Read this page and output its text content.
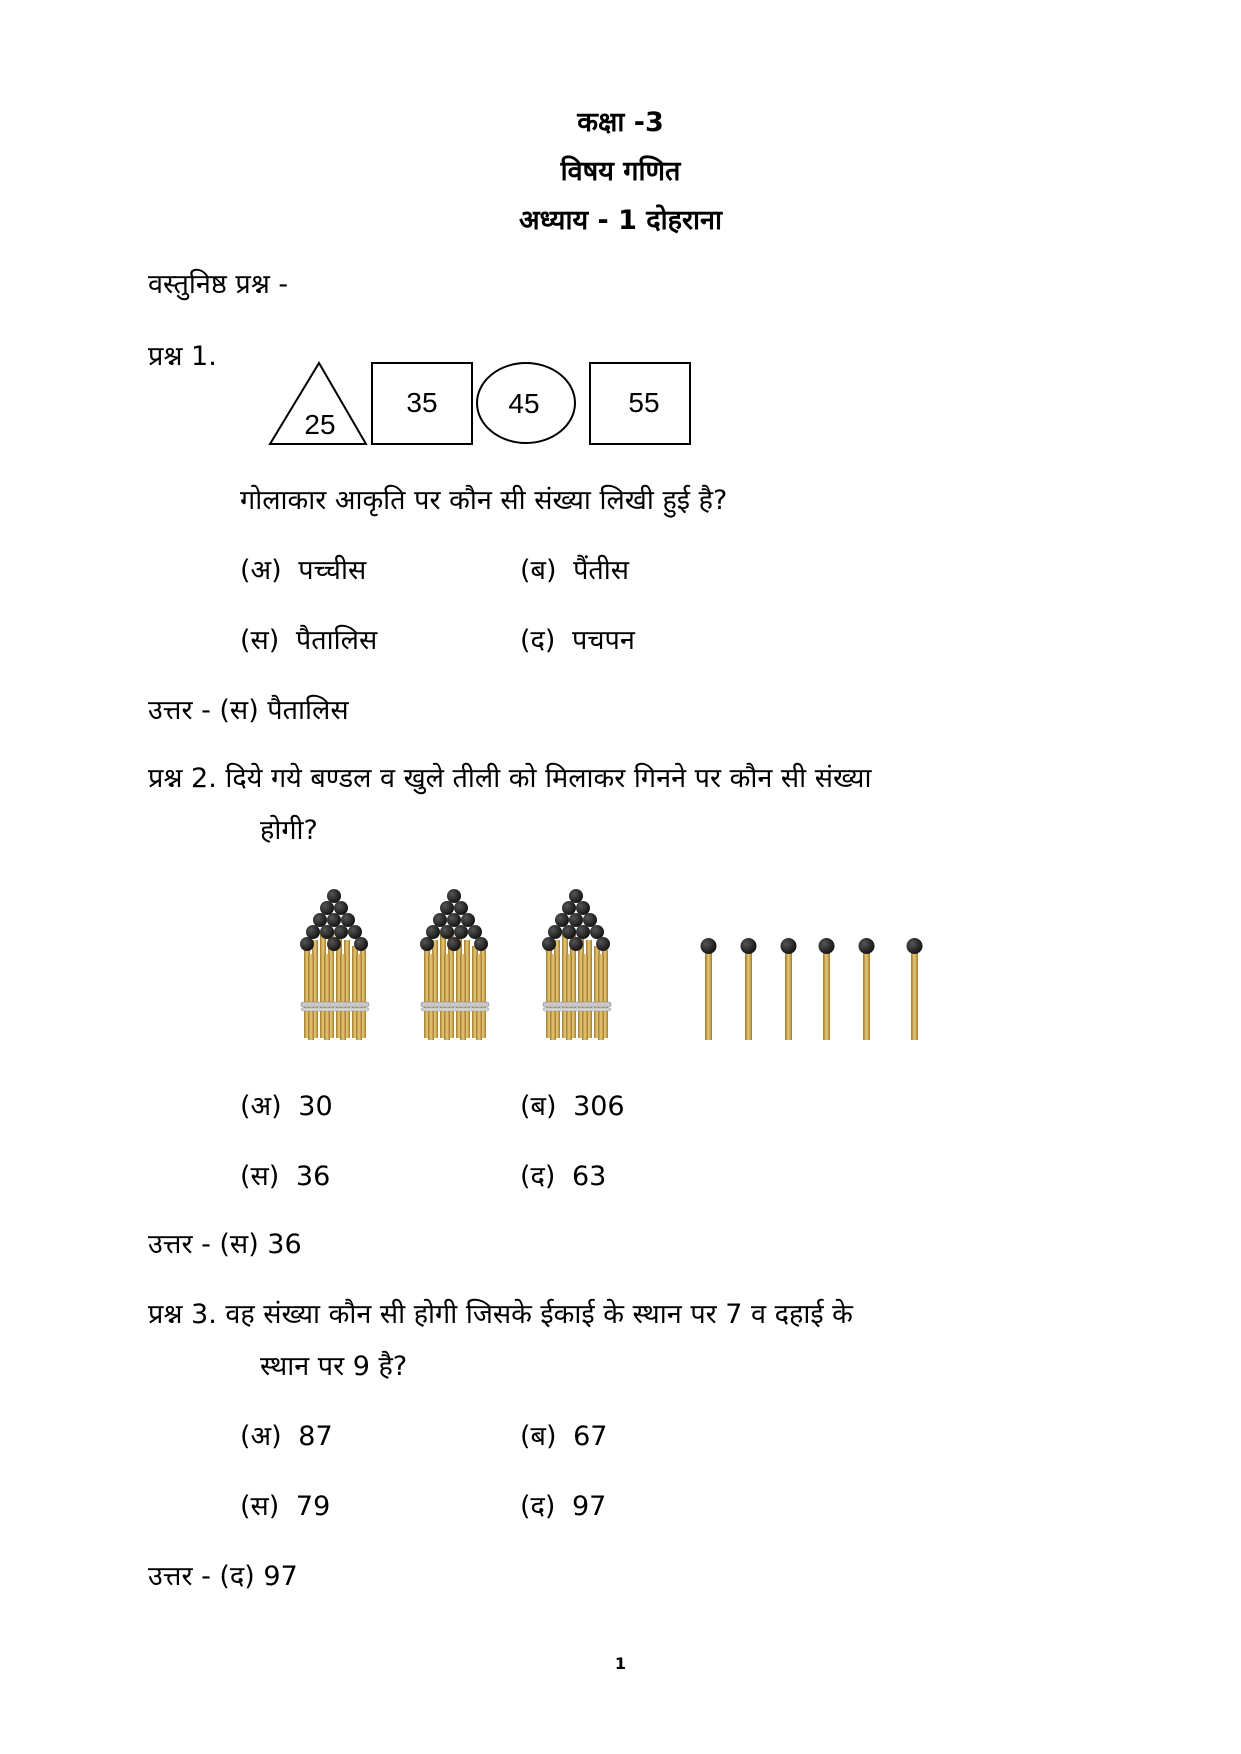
कक्षा -3
विषय गणित
अध्याय - 1 दोहराना
वस्तुनिष्ठ प्रश्न -
प्रश्न 1.
25
35	45	55
गोलाकार आकृति पर कौन सी संख्या लिखी हुई है?
(अ) पच्चीस	(ब) पैंतीस
(स) पैतालिस	(द) पचपन
उत्तर - (स) पैतालिस
प्रश्न 2. दिये गये बण्डल व खुले तीली को मिलाकर गिनने पर कौन सी संख्या
होगी?
(अ) 30	(ब) 306
(स) 36	(द) 63
उत्तर - (स) 36
प्रश्न 3. वह संख्या कौन सी होगी जिसके ईकाई के स्थान पर 7 व दहाई के
स्थान पर 9 है?
(अ) 87	(ब) 67
(स) 79	(द) 97
उत्तर - (द) 97
1
